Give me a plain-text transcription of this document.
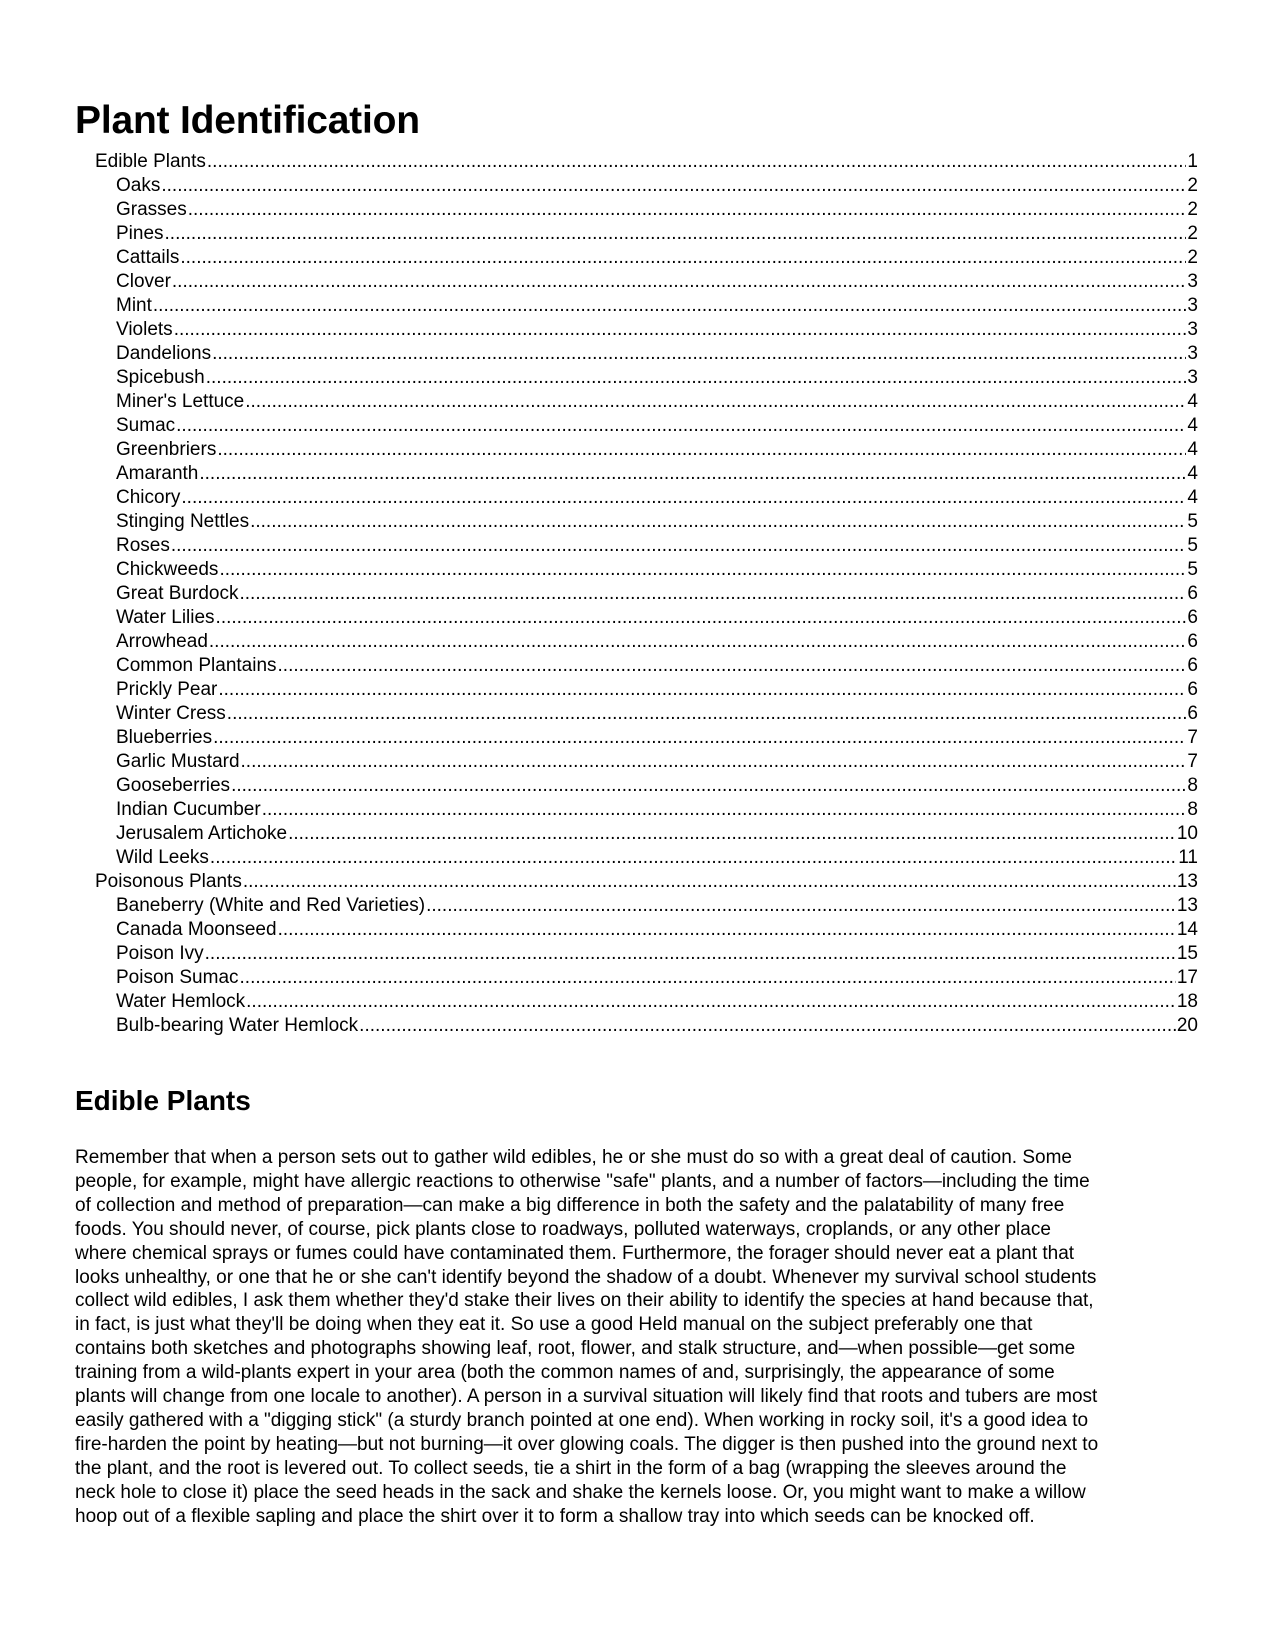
Plant Identification
Edible Plants .....	1
Oaks .....	2
Grasses .....	2
Pines .....	2
Cattails .....	2
Clover .....	3
Mint .....	3
Violets .....	3
Dandelions .....	3
Spicebush .....	3
Miner's Lettuce .....	4
Sumac .....	4
Greenbriers .....	4
Amaranth .....	4
Chicory .....	4
Stinging Nettles .....	5
Roses .....	5
Chickweeds .....	5
Great Burdock .....	6
Water Lilies .....	6
Arrowhead .....	6
Common Plantains .....	6
Prickly Pear .....	6
Winter Cress .....	6
Blueberries .....	7
Garlic Mustard .....	7
Gooseberries .....	8
Indian Cucumber .....	8
Jerusalem Artichoke .....	10
Wild Leeks .....	11
Poisonous Plants .....	13
Baneberry (White and Red Varieties) .....	13
Canada Moonseed .....	14
Poison Ivy .....	15
Poison Sumac .....	17
Water Hemlock .....	18
Bulb-bearing Water Hemlock .....	20
Edible Plants

Remember that when a person sets out to gather wild edibles, he or she must do so with a great deal of caution. Some
people, for example, might have allergic reactions to otherwise "safe" plants, and a number of factors—including the time
of collection and method of preparation—can make a big difference in both the safety and the palatability of many free
foods. You should never, of course, pick plants close to roadways, polluted waterways, croplands, or any other place
where chemical sprays or fumes could have contaminated them. Furthermore, the forager should never eat a plant that
looks unhealthy, or one that he or she can't identify beyond the shadow of a doubt. Whenever my survival school students
collect wild edibles, I ask them whether they'd stake their lives on their ability to identify the species at hand because that,
in fact, is just what they'll be doing when they eat it. So use a good Held manual on the subject preferably one that
contains both sketches and photographs showing leaf, root, flower, and stalk structure, and—when possible—get some
training from a wild-plants expert in your area (both the common names of and, surprisingly, the appearance of some
plants will change from one locale to another). A person in a survival situation will likely find that roots and tubers are most
easily gathered with a "digging stick" (a sturdy branch pointed at one end). When working in rocky soil, it's a good idea to
fire-harden the point by heating—but not burning—it over glowing coals. The digger is then pushed into the ground next to
the plant, and the root is levered out. To collect seeds, tie a shirt in the form of a bag (wrapping the sleeves around the
neck hole to close it) place the seed heads in the sack and shake the kernels loose. Or, you might want to make a willow
hoop out of a flexible sapling and place the shirt over it to form a shallow tray into which seeds can be knocked off.
